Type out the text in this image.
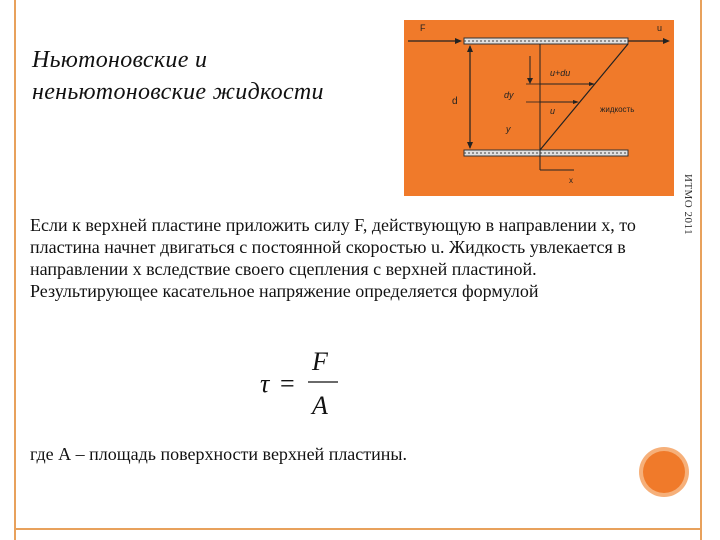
Ньютоновские и
неньютоновские жидкости
F	u
u+du
d
dy
u	жидкость
y
x	ИТМО 2011
Если к верхней пластине приложить силу F, действующую в направлении x, то пластина начнет двигаться с постоянной скоростью u. Жидкость увлекается в направлении x вследствие своего сцепления с верхней пластиной.
Результирующее касательное напряжение определяется формулой
τ =
F
A
где А – площадь поверхности верхней пластины.
